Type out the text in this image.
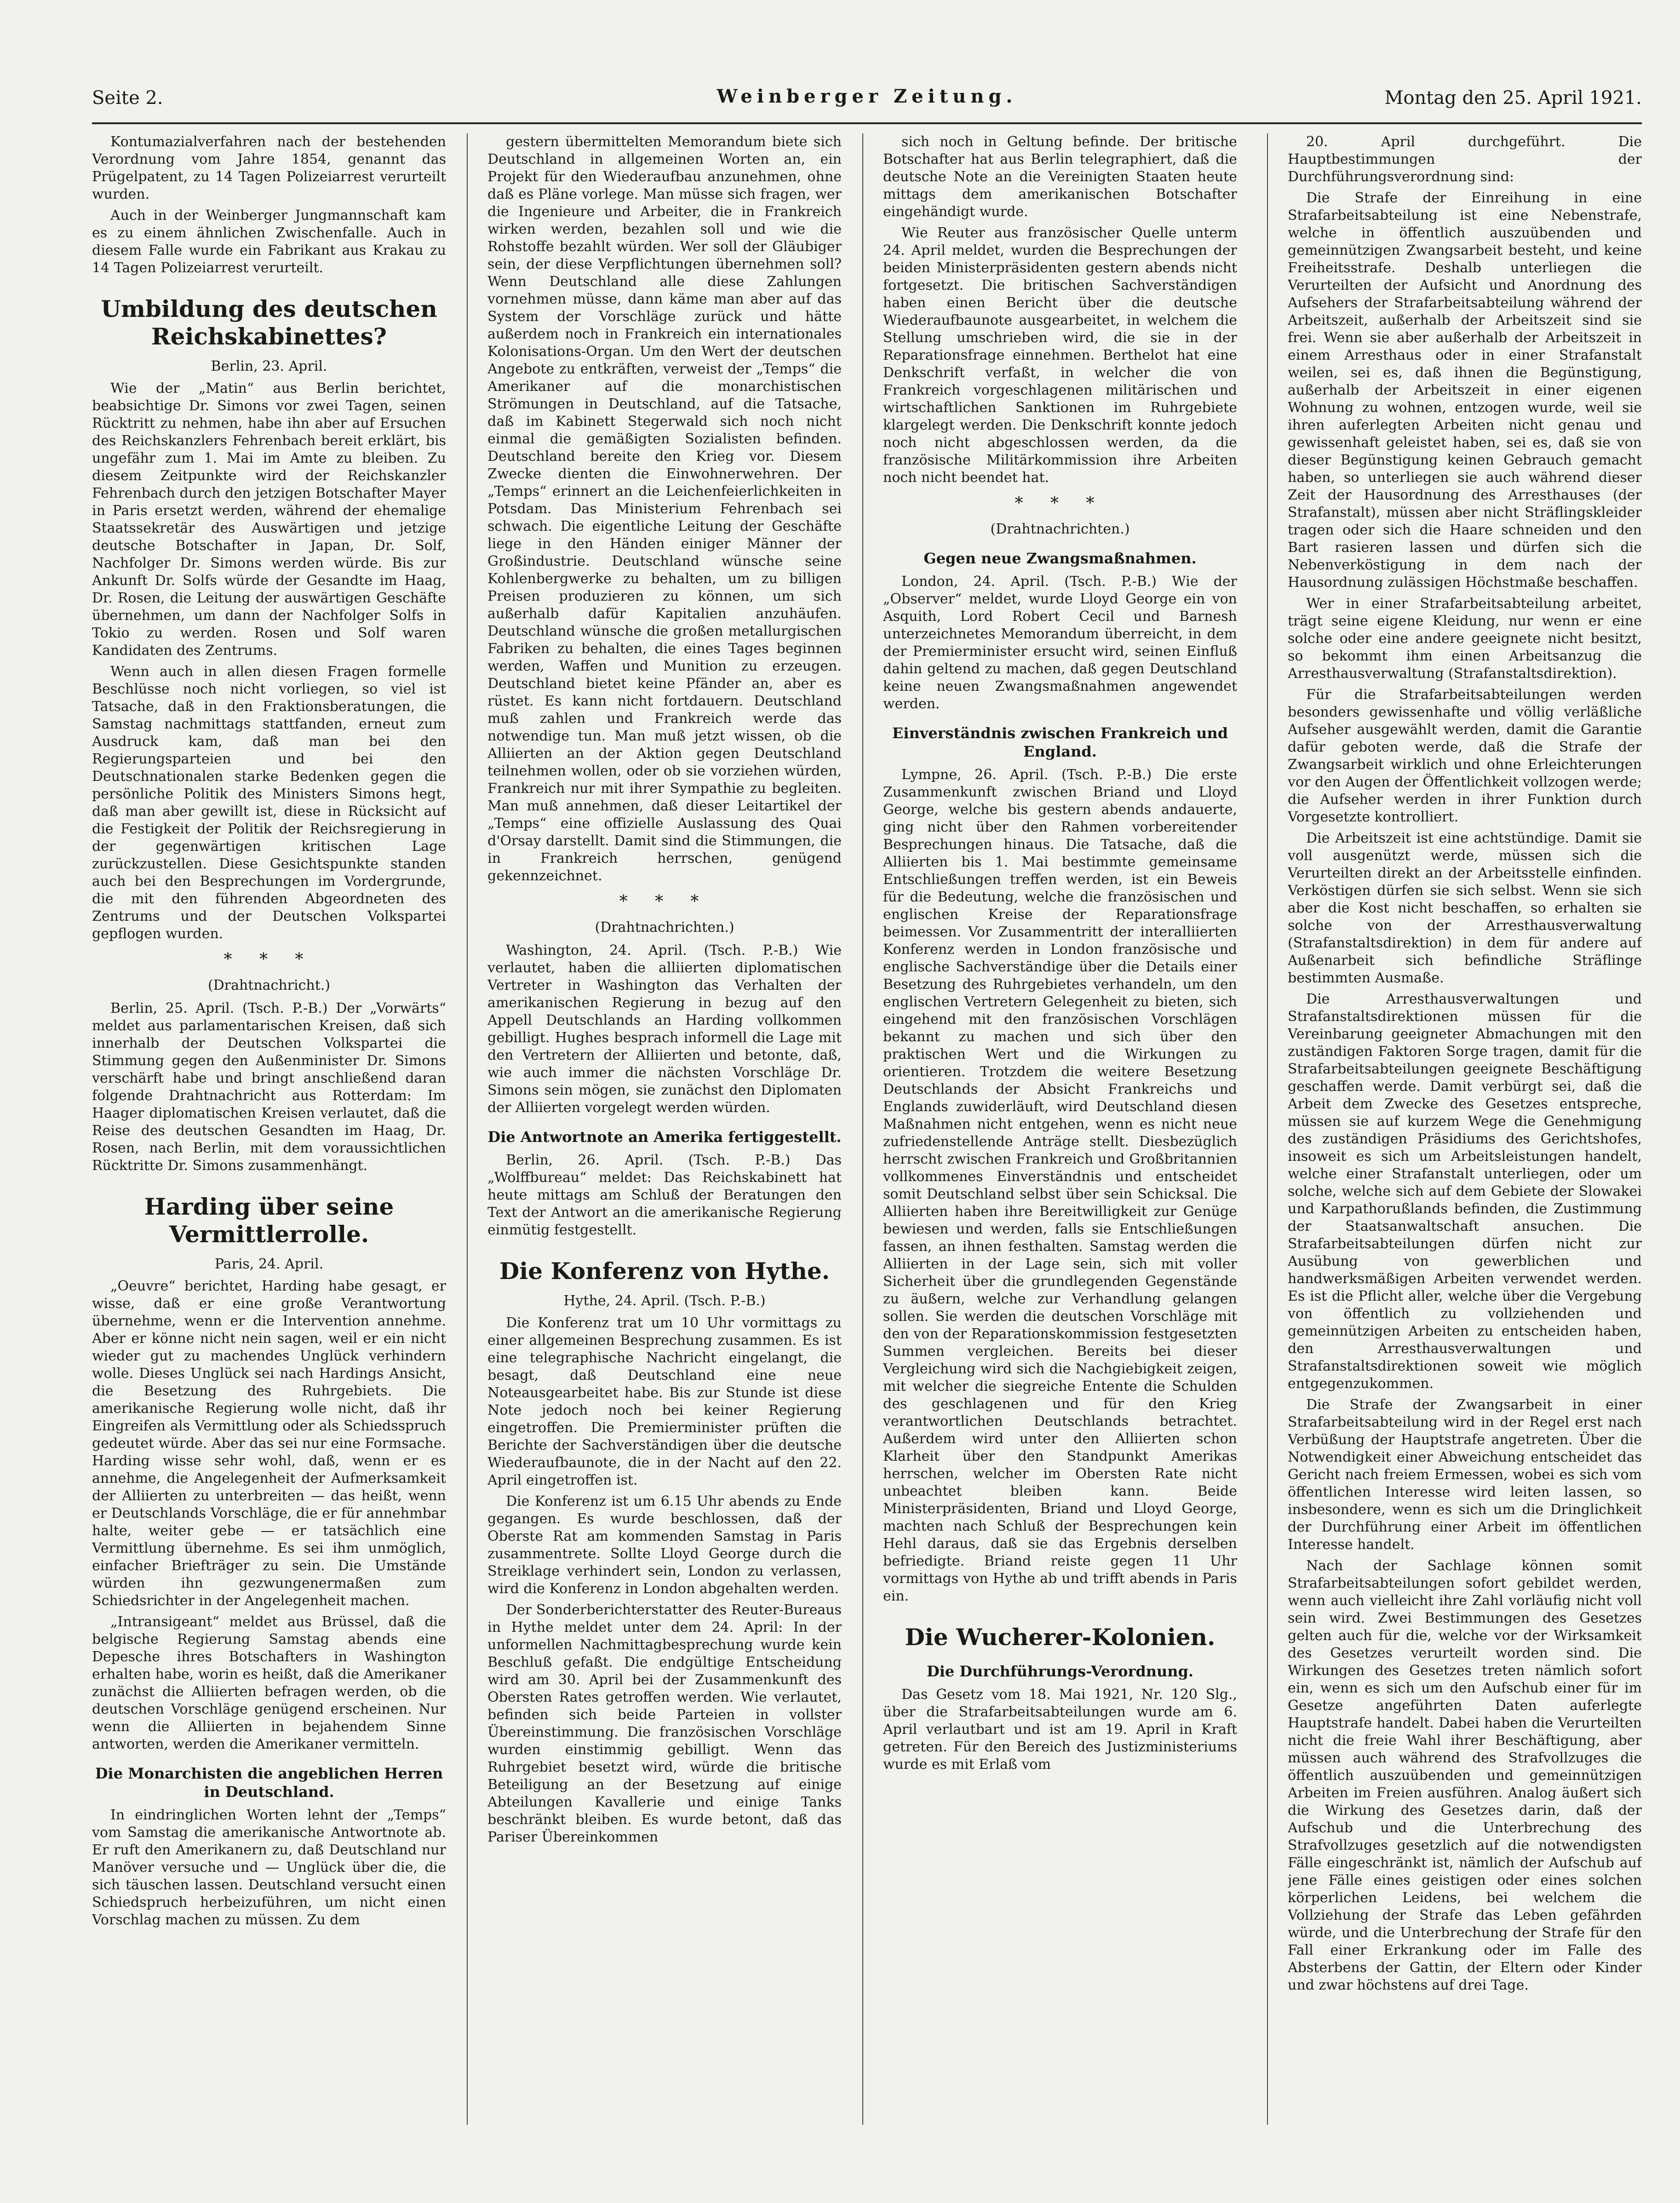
Seite 2.	Weinberger Zeitung.	Montag den 25. April 1921.

Kontumazialverfahren nach der bestehenden Verordnung vom Jahre 1854, genannt das Prügelpatent, zu 14 Tagen Polizeiarrest verurteilt wurden.

Auch in der Weinberger Jungmannschaft kam es zu einem ähnlichen Zwischenfalle. Auch in diesem Falle wurde ein Fabrikant aus Krakau zu 14 Tagen Polizeiarrest verurteilt.

Umbildung des deutschen Reichskabinettes?
Berlin, 23. April.

Wie der „Matin“ aus Berlin berichtet, beabsichtige Dr. Simons vor zwei Tagen, seinen Rücktritt zu nehmen, habe ihn aber auf Ersuchen des Reichskanzlers Fehrenbach bereit erklärt, bis ungefähr zum 1. Mai im Amte zu bleiben. Zu diesem Zeitpunkte wird der Reichskanzler Fehrenbach durch den jetzigen Botschafter Mayer in Paris ersetzt werden, während der ehemalige Staatssekretär des Auswärtigen und jetzige deutsche Botschafter in Japan, Dr. Solf, Nachfolger Dr. Simons werden würde. Bis zur Ankunft Dr. Solfs würde der Gesandte im Haag, Dr. Rosen, die Leitung der auswärtigen Geschäfte übernehmen, um dann der Nachfolger Solfs in Tokio zu werden. Rosen und Solf waren Kandidaten des Zentrums.

Wenn auch in allen diesen Fragen formelle Beschlüsse noch nicht vorliegen, so viel ist Tatsache, daß in den Fraktionsberatungen, die Samstag nachmittags stattfanden, erneut zum Ausdruck kam, daß man bei den Regierungsparteien und bei den Deutschnationalen starke Bedenken gegen die persönliche Politik des Ministers Simons hegt, daß man aber gewillt ist, diese in Rücksicht auf die Festigkeit der Politik der Reichsregierung in der gegenwärtigen kritischen Lage zurückzustellen. Diese Gesichtspunkte standen auch bei den Besprechungen im Vordergrunde, die mit den führenden Abgeordneten des Zentrums und der Deutschen Volkspartei gepflogen wurden.

* * *
(Drahtnachricht.)

Berlin, 25. April. (Tsch. P.-B.) Der „Vorwärts“ meldet aus parlamentarischen Kreisen, daß sich innerhalb der Deutschen Volkspartei die Stimmung gegen den Außenminister Dr. Simons verschärft habe und bringt anschließend daran folgende Drahtnachricht aus Rotterdam: Im Haager diplomatischen Kreisen verlautet, daß die Reise des deutschen Gesandten im Haag, Dr. Rosen, nach Berlin, mit dem voraussichtlichen Rücktritte Dr. Simons zusammenhängt.

Harding über seine Vermittlerrolle.
Paris, 24. April.

„Oeuvre“ berichtet, Harding habe gesagt, er wisse, daß er eine große Verantwortung übernehme, wenn er die Intervention annehme. Aber er könne nicht nein sagen, weil er ein nicht wieder gut zu machendes Unglück verhindern wolle. Dieses Unglück sei nach Hardings Ansicht, die Besetzung des Ruhrgebiets. Die amerikanische Regierung wolle nicht, daß ihr Eingreifen als Vermittlung oder als Schiedsspruch gedeutet würde. Aber das sei nur eine Formsache. Harding wisse sehr wohl, daß, wenn er es annehme, die Angelegenheit der Aufmerksamkeit der Alliierten zu unterbreiten — das heißt, wenn er Deutschlands Vorschläge, die er für annehmbar halte, weiter gebe — er tatsächlich eine Vermittlung übernehme. Es sei ihm unmöglich, einfacher Briefträger zu sein. Die Umstände würden ihn gezwungenermaßen zum Schiedsrichter in der Angelegenheit machen.

„Intransigeant“ meldet aus Brüssel, daß die belgische Regierung Samstag abends eine Depesche ihres Botschafters in Washington erhalten habe, worin es heißt, daß die Amerikaner zunächst die Alliierten befragen werden, ob die deutschen Vorschläge genügend erscheinen. Nur wenn die Alliierten in bejahendem Sinne antworten, werden die Amerikaner vermitteln.

Die Monarchisten die angeblichen Herren in Deutschland.

In eindringlichen Worten lehnt der „Temps“ vom Samstag die amerikanische Antwortnote ab. Er ruft den Amerikanern zu, daß Deutschland nur Manöver versuche und — Unglück über die, die sich täuschen lassen. Deutschland versucht einen Schiedspruch herbeizuführen, um nicht einen Vorschlag machen zu müssen. Zu dem

gestern übermittelten Memorandum biete sich Deutschland in allgemeinen Worten an, ein Projekt für den Wiederaufbau anzunehmen, ohne daß es Pläne vorlege. Man müsse sich fragen, wer die Ingenieure und Arbeiter, die in Frankreich wirken werden, bezahlen soll und wie die Rohstoffe bezahlt würden. Wer soll der Gläubiger sein, der diese Verpflichtungen übernehmen soll? Wenn Deutschland alle diese Zahlungen vornehmen müsse, dann käme man aber auf das System der Vorschläge zurück und hätte außerdem noch in Frankreich ein internationales Kolonisations-Organ. Um den Wert der deutschen Angebote zu entkräften, verweist der „Temps“ die Amerikaner auf die monarchistischen Strömungen in Deutschland, auf die Tatsache, daß im Kabinett Stegerwald sich noch nicht einmal die gemäßigten Sozialisten befinden. Deutschland bereite den Krieg vor. Diesem Zwecke dienten die Einwohnerwehren. Der „Temps“ erinnert an die Leichenfeierlichkeiten in Potsdam. Das Ministerium Fehrenbach sei schwach. Die eigentliche Leitung der Geschäfte liege in den Händen einiger Männer der Großindustrie. Deutschland wünsche seine Kohlenbergwerke zu behalten, um zu billigen Preisen produzieren zu können, um sich außerhalb dafür Kapitalien anzuhäufen. Deutschland wünsche die großen metallurgischen Fabriken zu behalten, die eines Tages beginnen werden, Waffen und Munition zu erzeugen. Deutschland bietet keine Pfänder an, aber es rüstet. Es kann nicht fortdauern. Deutschland muß zahlen und Frankreich werde das notwendige tun. Man muß jetzt wissen, ob die Alliierten an der Aktion gegen Deutschland teilnehmen wollen, oder ob sie vorziehen würden, Frankreich nur mit ihrer Sympathie zu begleiten. Man muß annehmen, daß dieser Leitartikel der „Temps“ eine offizielle Auslassung des Quai d'Orsay darstellt. Damit sind die Stimmungen, die in Frankreich herrschen, genügend gekennzeichnet.

* * *
(Drahtnachrichten.)

Washington, 24. April. (Tsch. P.-B.) Wie verlautet, haben die alliierten diplomatischen Vertreter in Washington das Verhalten der amerikanischen Regierung in bezug auf den Appell Deutschlands an Harding vollkommen gebilligt. Hughes besprach informell die Lage mit den Vertretern der Alliierten und betonte, daß, wie auch immer die nächsten Vorschläge Dr. Simons sein mögen, sie zunächst den Diplomaten der Alliierten vorgelegt werden würden.

Die Antwortnote an Amerika fertiggestellt.

Berlin, 26. April. (Tsch. P.-B.) Das „Wolffbureau“ meldet: Das Reichskabinett hat heute mittags am Schluß der Beratungen den Text der Antwort an die amerikanische Regierung einmütig festgestellt.

Die Konferenz von Hythe.
Hythe, 24. April. (Tsch. P.-B.)

Die Konferenz trat um 10 Uhr vormittags zu einer allgemeinen Besprechung zusammen. Es ist eine telegraphische Nachricht eingelangt, die besagt, daß Deutschland eine neue Noteausgearbeitet habe. Bis zur Stunde ist diese Note jedoch noch bei keiner Regierung eingetroffen. Die Premierminister prüften die Berichte der Sachverständigen über die deutsche Wiederaufbaunote, die in der Nacht auf den 22. April eingetroffen ist.

Die Konferenz ist um 6.15 Uhr abends zu Ende gegangen. Es wurde beschlossen, daß der Oberste Rat am kommenden Samstag in Paris zusammentrete. Sollte Lloyd George durch die Streiklage verhindert sein, London zu verlassen, wird die Konferenz in London abgehalten werden.

Der Sonderberichterstatter des Reuter-Bureaus in Hythe meldet unter dem 24. April: In der unformellen Nachmittagbesprechung wurde kein Beschluß gefaßt. Die endgültige Entscheidung wird am 30. April bei der Zusammenkunft des Obersten Rates getroffen werden. Wie verlautet, befinden sich beide Parteien in vollster Übereinstimmung. Die französischen Vorschläge wurden einstimmig gebilligt. Wenn das Ruhrgebiet besetzt wird, würde die britische Beteiligung an der Besetzung auf einige Abteilungen Kavallerie und einige Tanks beschränkt bleiben. Es wurde betont, daß das Pariser Übereinkommen

sich noch in Geltung befinde. Der britische Botschafter hat aus Berlin telegraphiert, daß die deutsche Note an die Vereinigten Staaten heute mittags dem amerikanischen Botschafter eingehändigt wurde.

Wie Reuter aus französischer Quelle unterm 24. April meldet, wurden die Besprechungen der beiden Ministerpräsidenten gestern abends nicht fortgesetzt. Die britischen Sachverständigen haben einen Bericht über die deutsche Wiederaufbaunote ausgearbeitet, in welchem die Stellung umschrieben wird, die sie in der Reparationsfrage einnehmen. Berthelot hat eine Denkschrift verfaßt, in welcher die von Frankreich vorgeschlagenen militärischen und wirtschaftlichen Sanktionen im Ruhrgebiete klargelegt werden. Die Denkschrift konnte jedoch noch nicht abgeschlossen werden, da die französische Militärkommission ihre Arbeiten noch nicht beendet hat.

* * *
(Drahtnachrichten.)
Gegen neue Zwangsmaßnahmen.

London, 24. April. (Tsch. P.-B.) Wie der „Observer“ meldet, wurde Lloyd George ein von Asquith, Lord Robert Cecil und Barnesh unterzeichnetes Memorandum überreicht, in dem der Premierminister ersucht wird, seinen Einfluß dahin geltend zu machen, daß gegen Deutschland keine neuen Zwangsmaßnahmen angewendet werden.

Einverständnis zwischen Frankreich und England.

Lympne, 26. April. (Tsch. P.-B.) Die erste Zusammenkunft zwischen Briand und Lloyd George, welche bis gestern abends andauerte, ging nicht über den Rahmen vorbereitender Besprechungen hinaus. Die Tatsache, daß die Alliierten bis 1. Mai bestimmte gemeinsame Entschließungen treffen werden, ist ein Beweis für die Bedeutung, welche die französischen und englischen Kreise der Reparationsfrage beimessen. Vor Zusammentritt der interalliierten Konferenz werden in London französische und englische Sachverständige über die Details einer Besetzung des Ruhrgebietes verhandeln, um den englischen Vertretern Gelegenheit zu bieten, sich eingehend mit den französischen Vorschlägen bekannt zu machen und sich über den praktischen Wert und die Wirkungen zu orientieren. Trotzdem die weitere Besetzung Deutschlands der Absicht Frankreichs und Englands zuwiderläuft, wird Deutschland diesen Maßnahmen nicht entgehen, wenn es nicht neue zufriedenstellende Anträge stellt. Diesbezüglich herrscht zwischen Frankreich und Großbritannien vollkommenes Einverständnis und entscheidet somit Deutschland selbst über sein Schicksal. Die Alliierten haben ihre Bereitwilligkeit zur Genüge bewiesen und werden, falls sie Entschließungen fassen, an ihnen festhalten. Samstag werden die Alliierten in der Lage sein, sich mit voller Sicherheit über die grundlegenden Gegenstände zu äußern, welche zur Verhandlung gelangen sollen. Sie werden die deutschen Vorschläge mit den von der Reparationskommission festgesetzten Summen vergleichen. Bereits bei dieser Vergleichung wird sich die Nachgiebigkeit zeigen, mit welcher die siegreiche Entente die Schulden des geschlagenen und für den Krieg verantwortlichen Deutschlands betrachtet. Außerdem wird unter den Alliierten schon Klarheit über den Standpunkt Amerikas herrschen, welcher im Obersten Rate nicht unbeachtet bleiben kann. Beide Ministerpräsidenten, Briand und Lloyd George, machten nach Schluß der Besprechungen kein Hehl daraus, daß sie das Ergebnis derselben befriedigte. Briand reiste gegen 11 Uhr vormittags von Hythe ab und trifft abends in Paris ein.

Die Wucherer-Kolonien.
Die Durchführungs-Verordnung.

Das Gesetz vom 18. Mai 1921, Nr. 120 Slg., über die Strafarbeitsabteilungen wurde am 6. April verlautbart und ist am 19. April in Kraft getreten. Für den Bereich des Justizministeriums wurde es mit Erlaß vom

20. April durchgeführt. Die Hauptbestimmungen der Durchführungsverordnung sind:

Die Strafe der Einreihung in eine Strafarbeitsabteilung ist eine Nebenstrafe, welche in öffentlich auszuübenden und gemeinnützigen Zwangsarbeit besteht, und keine Freiheitsstrafe. Deshalb unterliegen die Verurteilten der Aufsicht und Anordnung des Aufsehers der Strafarbeitsabteilung während der Arbeitszeit, außerhalb der Arbeitszeit sind sie frei. Wenn sie aber außerhalb der Arbeitszeit in einem Arresthaus oder in einer Strafanstalt weilen, sei es, daß ihnen die Begünstigung, außerhalb der Arbeitszeit in einer eigenen Wohnung zu wohnen, entzogen wurde, weil sie ihren auferlegten Arbeiten nicht genau und gewissenhaft geleistet haben, sei es, daß sie von dieser Begünstigung keinen Gebrauch gemacht haben, so unterliegen sie auch während dieser Zeit der Hausordnung des Arresthauses (der Strafanstalt), müssen aber nicht Sträflingskleider tragen oder sich die Haare schneiden und den Bart rasieren lassen und dürfen sich die Nebenverköstigung in dem nach der Hausordnung zulässigen Höchstmaße beschaffen.

Wer in einer Strafarbeitsabteilung arbeitet, trägt seine eigene Kleidung, nur wenn er eine solche oder eine andere geeignete nicht besitzt, so bekommt ihm einen Arbeitsanzug die Arresthausverwaltung (Strafanstaltsdirektion).

Für die Strafarbeitsabteilungen werden besonders gewissenhafte und völlig verläßliche Aufseher ausgewählt werden, damit die Garantie dafür geboten werde, daß die Strafe der Zwangsarbeit wirklich und ohne Erleichterungen vor den Augen der Öffentlichkeit vollzogen werde; die Aufseher werden in ihrer Funktion durch Vorgesetzte kontrolliert.

Die Arbeitszeit ist eine achtstündige. Damit sie voll ausgenützt werde, müssen sich die Verurteilten direkt an der Arbeitsstelle einfinden. Verköstigen dürfen sie sich selbst. Wenn sie sich aber die Kost nicht beschaffen, so erhalten sie solche von der Arresthausverwaltung (Strafanstaltsdirektion) in dem für andere auf Außenarbeit sich befindliche Sträflinge bestimmten Ausmaße.

Die Arresthausverwaltungen und Strafanstaltsdirektionen müssen für die Vereinbarung geeigneter Abmachungen mit den zuständigen Faktoren Sorge tragen, damit für die Strafarbeitsabteilungen geeignete Beschäftigung geschaffen werde. Damit verbürgt sei, daß die Arbeit dem Zwecke des Gesetzes entspreche, müssen sie auf kurzem Wege die Genehmigung des zuständigen Präsidiums des Gerichtshofes, insoweit es sich um Arbeitsleistungen handelt, welche einer Strafanstalt unterliegen, oder um solche, welche sich auf dem Gebiete der Slowakei und Karpathorußlands befinden, die Zustimmung der Staatsanwaltschaft ansuchen. Die Strafarbeitsabteilungen dürfen nicht zur Ausübung von gewerblichen und handwerksmäßigen Arbeiten verwendet werden. Es ist die Pflicht aller, welche über die Vergebung von öffentlich zu vollziehenden und gemeinnützigen Arbeiten zu entscheiden haben, den Arresthausverwaltungen und Strafanstaltsdirektionen soweit wie möglich entgegenzukommen.

Die Strafe der Zwangsarbeit in einer Strafarbeitsabteilung wird in der Regel erst nach Verbüßung der Hauptstrafe angetreten. Über die Notwendigkeit einer Abweichung entscheidet das Gericht nach freiem Ermessen, wobei es sich vom öffentlichen Interesse wird leiten lassen, so insbesondere, wenn es sich um die Dringlichkeit der Durchführung einer Arbeit im öffentlichen Interesse handelt.

Nach der Sachlage können somit Strafarbeitsabteilungen sofort gebildet werden, wenn auch vielleicht ihre Zahl vorläufig nicht voll sein wird. Zwei Bestimmungen des Gesetzes gelten auch für die, welche vor der Wirksamkeit des Gesetzes verurteilt worden sind. Die Wirkungen des Gesetzes treten nämlich sofort ein, wenn es sich um den Aufschub einer für im Gesetze angeführten Daten auferlegte Hauptstrafe handelt. Dabei haben die Verurteilten nicht die freie Wahl ihrer Beschäftigung, aber müssen auch während des Strafvollzuges die öffentlich auszuübenden und gemeinnützigen Arbeiten im Freien ausführen. Analog äußert sich die Wirkung des Gesetzes darin, daß der Aufschub und die Unterbrechung des Strafvollzuges gesetzlich auf die notwendigsten Fälle eingeschränkt ist, nämlich der Aufschub auf jene Fälle eines geistigen oder eines solchen körperlichen Leidens, bei welchem die Vollziehung der Strafe das Leben gefährden würde, und die Unterbrechung der Strafe für den Fall einer Erkrankung oder im Falle des Absterbens der Gattin, der Eltern oder Kinder und zwar höchstens auf drei Tage.
